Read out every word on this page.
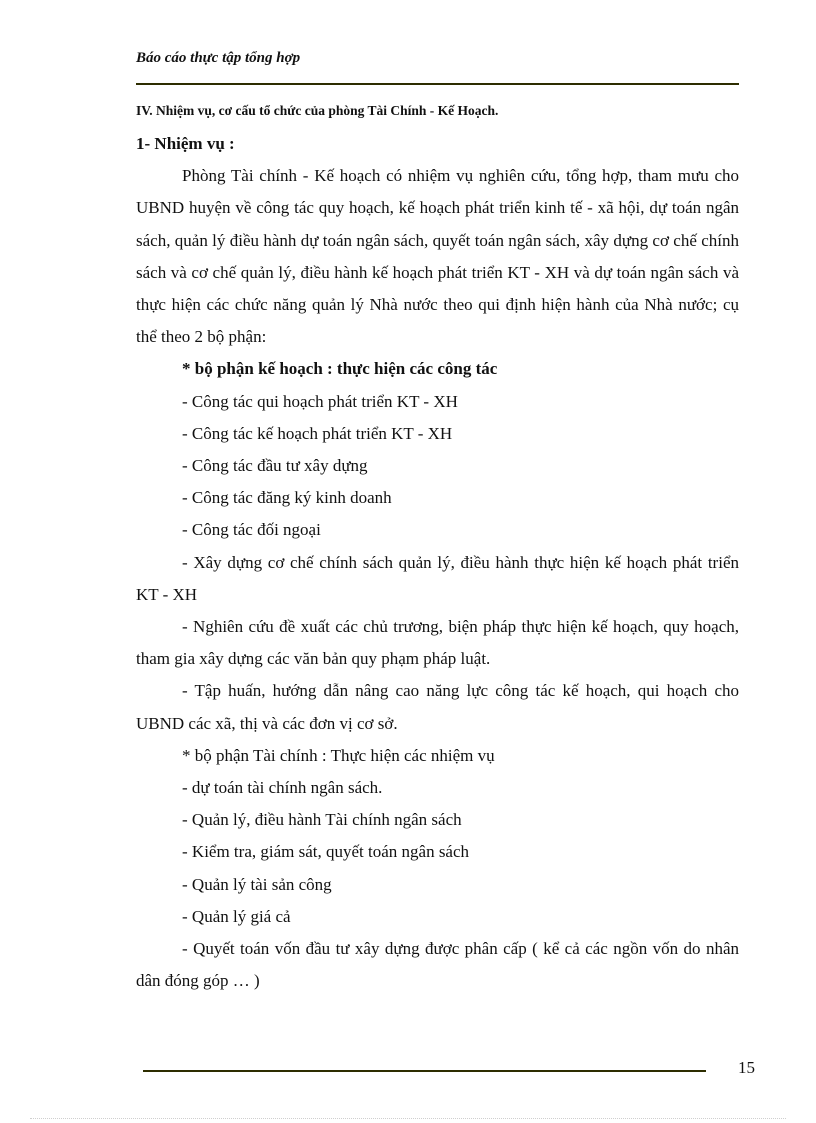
Báo cáo thực tập tổng hợp
IV. Nhiệm vụ, cơ cấu tổ chức của phòng Tài Chính - Kế Hoạch.

1- Nhiệm vụ :

Phòng Tài chính - Kế hoạch có nhiệm vụ nghiên cứu, tổng hợp, tham mưu cho UBND huyện về công tác quy hoạch, kế hoạch phát triển kinh tế - xã hội, dự toán ngân sách, quản lý điều hành dự toán ngân sách, quyết toán ngân sách, xây dựng cơ chế chính sách và cơ chế quản lý, điều hành kế hoạch phát triển KT - XH và dự toán ngân sách và thực hiện các chức năng quản lý Nhà nước theo qui định hiện hành của Nhà nước; cụ thể theo 2 bộ phận:

* bộ phận kế hoạch : thực hiện các công tác

- Công tác qui hoạch phát triển KT - XH

- Công tác kế hoạch phát triển KT - XH

- Công tác đầu tư xây dựng

- Công tác đăng ký kinh doanh

- Công tác đối ngoại

- Xây dựng cơ chế chính sách quản lý, điều hành thực hiện kế hoạch phát triển KT - XH

- Nghiên cứu đề xuất các chủ trương, biện pháp thực hiện kế hoạch, quy hoạch, tham gia xây dựng các văn bản quy phạm pháp luật.

- Tập huấn, hướng dẫn nâng cao năng lực công tác kế hoạch, qui hoạch cho UBND các xã, thị và các đơn vị cơ sở.

* bộ phận Tài chính : Thực hiện các nhiệm vụ

- dự toán tài chính ngân sách.

- Quản lý, điều hành Tài chính ngân sách

- Kiểm tra, giám sát, quyết toán ngân sách

- Quản lý tài sản công

- Quản lý giá cả

- Quyết toán vốn đầu tư xây dựng được phân cấp ( kể cả các ngồn vốn do nhân dân đóng góp … )

15
